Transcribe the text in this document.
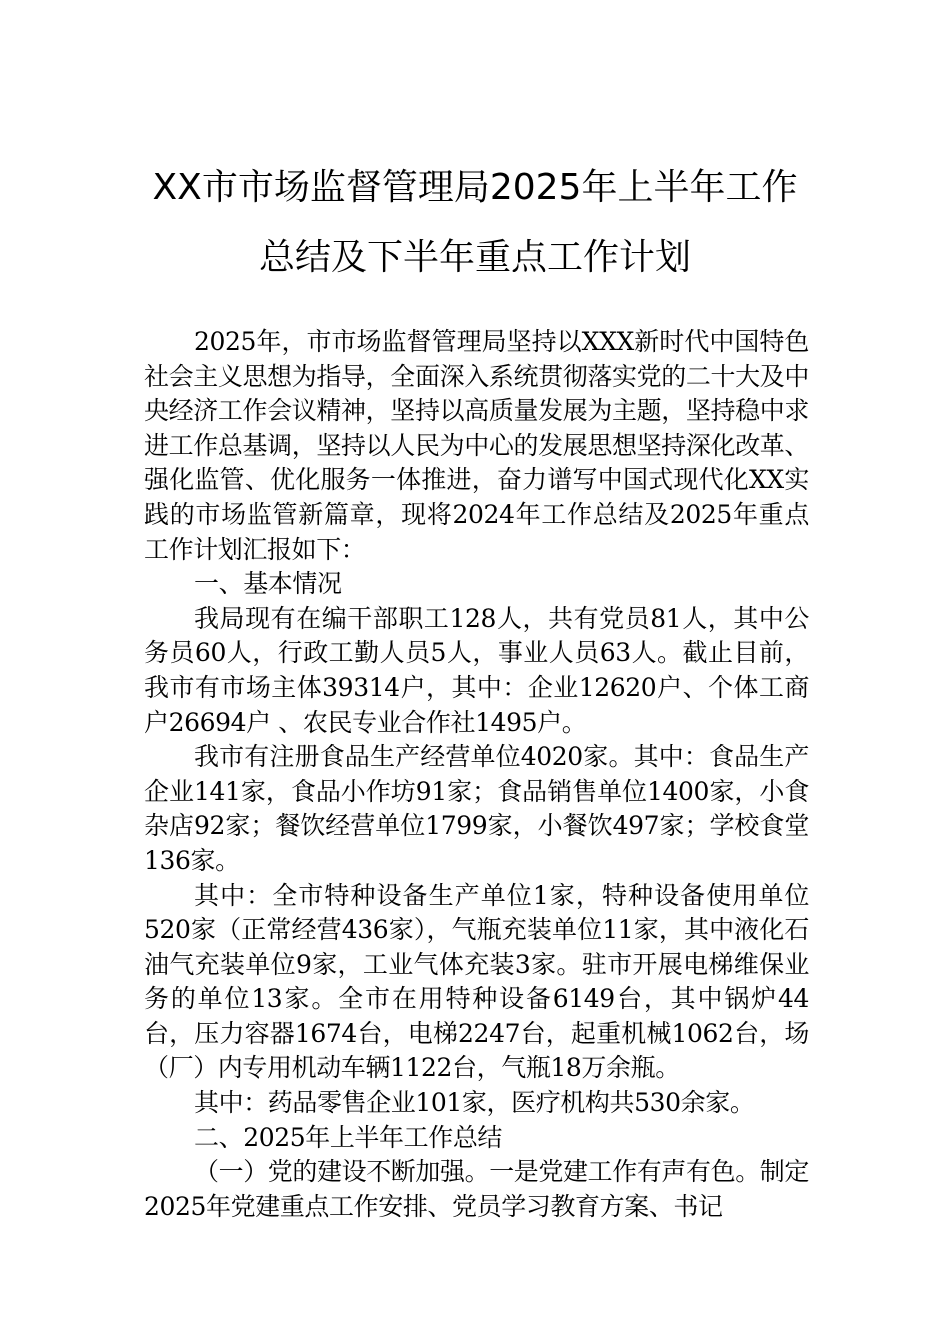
XX市市场监督管理局2025年上半年工作
总结及下半年重点工作计划

2025年，市市场监督管理局坚持以XXX新时代中国特色社会主义思想为指导，全面深入系统贯彻落实党的二十大及中央经济工作会议精神，坚持以高质量发展为主题，坚持稳中求进工作总基调，坚持以人民为中心的发展思想坚持深化改革、强化监管、优化服务一体推进，奋力谱写中国式现代化XX实践的市场监管新篇章，现将2024年工作总结及2025年重点工作计划汇报如下：

一、基本情况

我局现有在编干部职工128人，共有党员81人，其中公务员60人，行政工勤人员5人，事业人员63人。截止目前，我市有市场主体39314户，其中：企业12620户、个体工商户26694户 、农民专业合作社1495户。

我市有注册食品生产经营单位4020家。其中：食品生产企业141家，食品小作坊91家；食品销售单位1400家，小食杂店92家；餐饮经营单位1799家，小餐饮497家；学校食堂136家。

其中：全市特种设备生产单位1家，特种设备使用单位520家（正常经营436家），气瓶充装单位11家，其中液化石油气充装单位9家，工业气体充装3家。驻市开展电梯维保业务的单位13家。全市在用特种设备6149台，其中锅炉44台，压力容器1674台，电梯2247台，起重机械1062台，场（厂）内专用机动车辆1122台，气瓶18万余瓶。

其中：药品零售企业101家，医疗机构共530余家。

二、2025年上半年工作总结

（一）党的建设不断加强。一是党建工作有声有色。制定2025年党建重点工作安排、党员学习教育方案、书记
